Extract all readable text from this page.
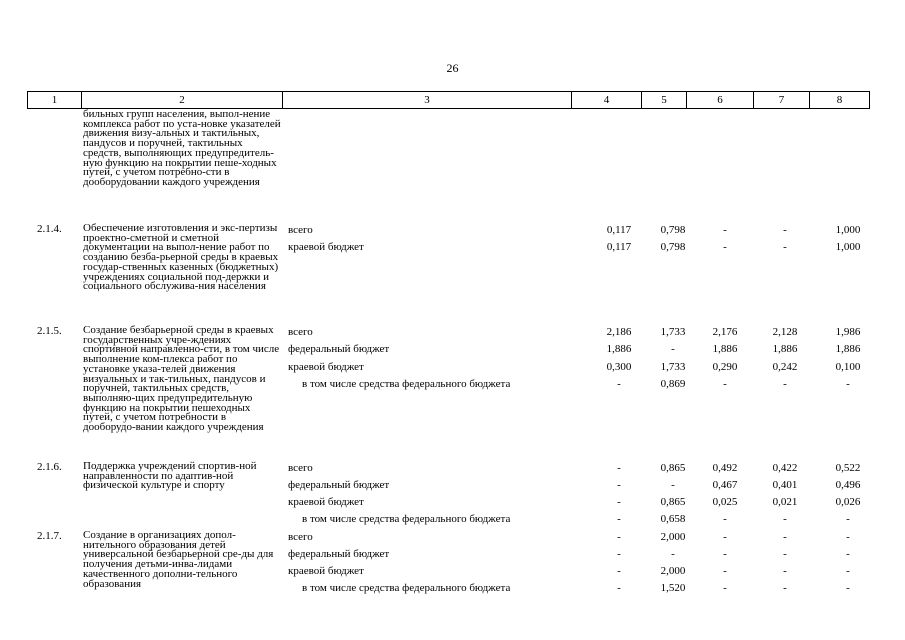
26
1	2	3	4	5	6	7	8
бильных групп населения, выпол-нение комплекса работ по уста-новке указателей движения визу-альных и тактильных, пандусов и поручней, тактильных средств, выполняющих предупредитель-ную функцию на покрытии пеше-ходных путей, с учетом потребно-сти в дооборудовании каждого учреждения
2.1.4. Обеспечение изготовления и экс-пертизы проектно-сметной и сметной документации на выпол-нение работ по созданию безба-рьерной среды в краевых государ-ственных казенных (бюджетных) учреждениях социальной под-держки и социального обслужива-ния населения
всего	0,117	0,798	-	-	1,000
краевой бюджет	0,117	0,798	-	-	1,000
2.1.5. Создание безбарьерной среды в краевых государственных учре-ждениях спортивной направленно-сти, в том числе выполнение ком-плекса работ по установке указа-телей движения визуальных и так-тильных, пандусов и поручней, тактильных средств, выполняю-щих предупредительную функцию на покрытии пешеходных путей, с учетом потребности в дооборудо-вании каждого учреждения
всего	2,186	1,733	2,176	2,128	1,986
федеральный бюджет	1,886	-	1,886	1,886	1,886
краевой бюджет	0,300	1,733	0,290	0,242	0,100
в том числе средства федерального бюджета	-	0,869	-	-	-
2.1.6. Поддержка учреждений спортив-ной направленности по адаптив-ной физической культуре и спорту
всего	-	0,865	0,492	0,422	0,522
федеральный бюджет	-	-	0,467	0,401	0,496
краевой бюджет	-	0,865	0,025	0,021	0,026
в том числе средства федерального бюджета	-	0,658	-	-	-
2.1.7. Создание в организациях допол-нительного образования детей универсальной безбарьерной сре-ды для получения детьми-инва-лидами качественного дополни-тельного образования
всего	-	2,000	-	-	-
федеральный бюджет	-	-	-	-	-
краевой бюджет	-	2,000	-	-	-
в том числе средства федерального бюджета	-	1,520	-	-	-
